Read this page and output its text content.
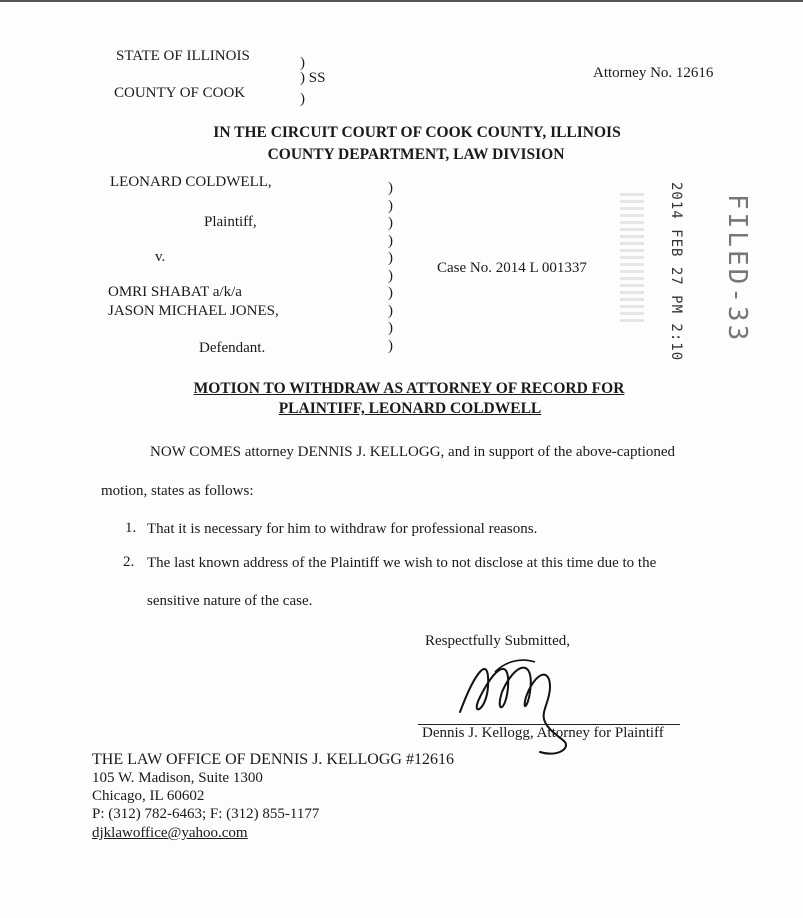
STATE OF ILLINOIS
COUNTY OF COOK
)

)
) SS	Attorney No. 12616
IN THE CIRCUIT COURT OF COOK COUNTY, ILLINOIS
COUNTY DEPARTMENT, LAW DIVISION
LEONARD COLDWELL,
Plaintiff,
v.
OMRI SHABAT a/k/a
JASON MICHAEL JONES,
Defendant.
)
)
)
)
)
)
)
)
)
)
Case No. 2014 L 001337	2014 FEB 27 PM 2:10 FILED-33
MOTION TO WITHDRAW AS ATTORNEY OF RECORD FOR
PLAINTIFF, LEONARD COLDWELL
NOW COMES attorney DENNIS J. KELLOGG, and in support of the above-captioned
motion, states as follows:
1. That it is necessary for him to withdraw for professional reasons.
2. The last known address of the Plaintiff we wish to not disclose at this time due to the
sensitive nature of the case.
Respectfully Submitted,
Dennis J. Kellogg, Attorney for Plaintiff
THE LAW OFFICE OF DENNIS J. KELLOGG #12616
105 W. Madison, Suite 1300
Chicago, IL 60602
P: (312) 782-6463; F: (312) 855-1177
djklawoffice@yahoo.com
